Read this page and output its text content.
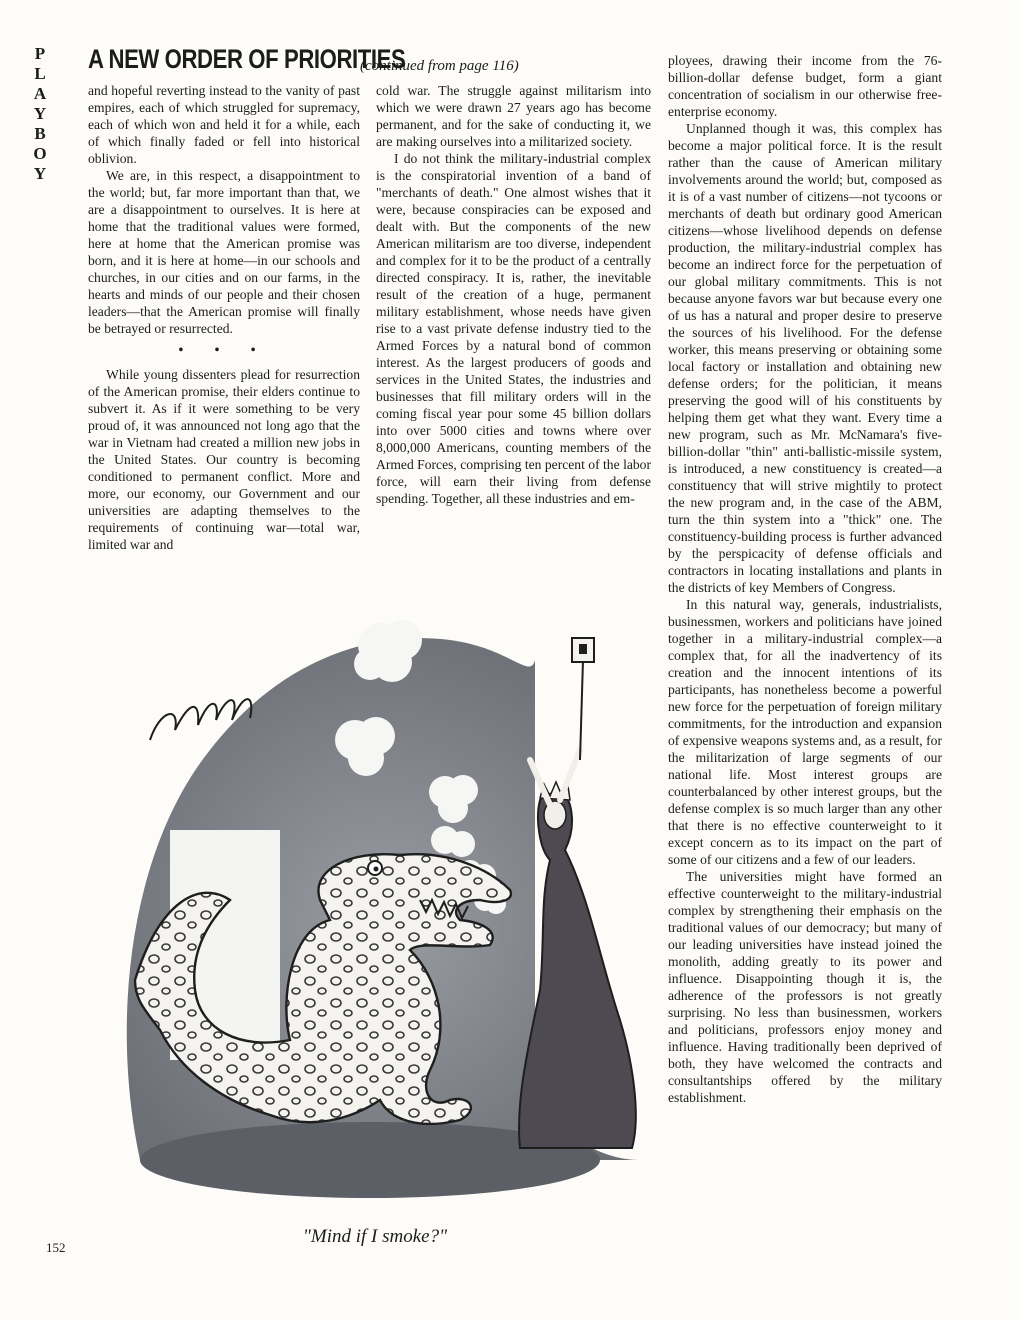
P
L
A
Y
B
O
Y
A NEW ORDER OF PRIORITIES
(continued from page 116)

and hopeful reverting instead to the vanity of past empires, each of which struggled for supremacy, each of which won and held it for a while, each of which finally faded or fell into historical oblivion.

We are, in this respect, a disappointment to the world; but, far more important than that, we are a disappointment to ourselves. It is here at home that the traditional values were formed, here at home that the American promise was born, and it is here at home—in our schools and churches, in our cities and on our farms, in the hearts and minds of our people and their chosen leaders—that the American promise will finally be betrayed or resurrected.

• • •

While young dissenters plead for resurrection of the American promise, their elders continue to subvert it. As if it were something to be very proud of, it was announced not long ago that the war in Vietnam had created a million new jobs in the United States. Our country is becoming conditioned to permanent conflict. More and more, our economy, our Government and our universities are adapting themselves to the requirements of continuing war—total war, limited war and

cold war. The struggle against militarism into which we were drawn 27 years ago has become permanent, and for the sake of conducting it, we are making ourselves into a militarized society.

I do not think the military-industrial complex is the conspiratorial invention of a band of "merchants of death." One almost wishes that it were, because conspiracies can be exposed and dealt with. But the components of the new American militarism are too diverse, independent and complex for it to be the product of a centrally directed conspiracy. It is, rather, the inevitable result of the creation of a huge, permanent military establishment, whose needs have given rise to a vast private defense industry tied to the Armed Forces by a natural bond of common interest. As the largest producers of goods and services in the United States, the industries and businesses that fill military orders will in the coming fiscal year pour some 45 billion dollars into over 5000 cities and towns where over 8,000,000 Americans, counting members of the Armed Forces, comprising ten percent of the labor force, will earn their living from defense spending. Together, all these industries and em-

ployees, drawing their income from the 76-billion-dollar defense budget, form a giant concentration of socialism in our otherwise free-enterprise economy.

Unplanned though it was, this complex has become a major political force. It is the result rather than the cause of American military involvements around the world; but, composed as it is of a vast number of citizens—not tycoons or merchants of death but ordinary good American citizens—whose livelihood depends on defense production, the military-industrial complex has become an indirect force for the perpetuation of our global military commitments. This is not because anyone favors war but because every one of us has a natural and proper desire to preserve the sources of his livelihood. For the defense worker, this means preserving or obtaining some local factory or installation and obtaining new defense orders; for the politician, it means preserving the good will of his constituents by helping them get what they want. Every time a new program, such as Mr. McNamara's five-billion-dollar "thin" anti-ballistic-missile system, is introduced, a new constituency is created—a constituency that will strive mightily to protect the new program and, in the case of the ABM, turn the thin system into a "thick" one. The constituency-building process is further advanced by the perspicacity of defense officials and contractors in locating installations and plants in the districts of key Members of Congress.

In this natural way, generals, industrialists, businessmen, workers and politicians have joined together in a military-industrial complex—a complex that, for all the inadvertency of its creation and the innocent intentions of its participants, has nonetheless become a powerful new force for the perpetuation of foreign military commitments, for the introduction and expansion of expensive weapons systems and, as a result, for the militarization of large segments of our national life. Most interest groups are counterbalanced by other interest groups, but the defense complex is so much larger than any other that there is no effective counterweight to it except concern as to its impact on the part of some of our citizens and a few of our leaders.

The universities might have formed an effective counterweight to the military-industrial complex by strengthening their emphasis on the traditional values of our democracy; but many of our leading universities have instead joined the monolith, adding greatly to its power and influence. Disappointing though it is, the adherence of the professors is not greatly surprising. No less than businessmen, workers and politicians, professors enjoy money and influence. Having traditionally been deprived of both, they have welcomed the contracts and consultantships offered by the military establishment.

"Mind if I smoke?"
152
